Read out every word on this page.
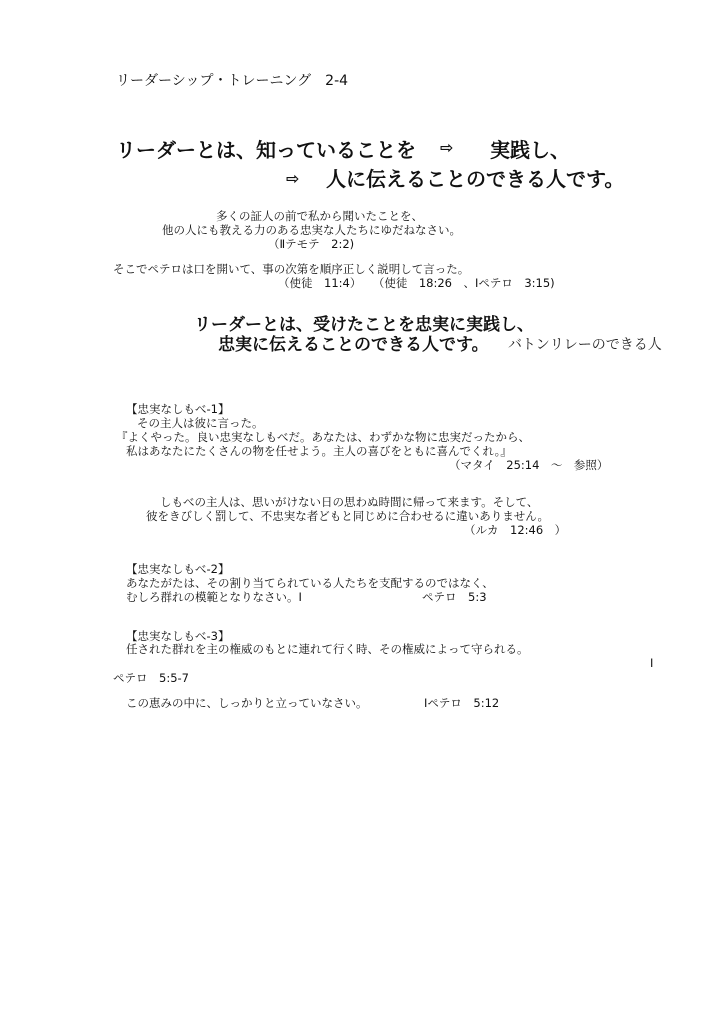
リーダーシップ・トレーニング　2-4
リーダーとは、知っていることを ⇨ 実践し、
⇨ 人に伝えることのできる人です。
多くの証人の前で私から聞いたことを、
他の人にも教える力のある忠実な人たちにゆだねなさい。
（Ⅱテモテ　2:2)
そこでペテロは口を開いて、事の次第を順序正しく説明して言った。
（使徒　11:4）　　（使徒　18:26　、Ⅰペテロ　3:15)
リーダーとは、受けたことを忠実に実践し、
忠実に伝えることのできる人です。 バトンリレーのできる人
【忠実なしもべ-1】
その主人は彼に言った。
『よくやった。良い忠実なしもべだ。あなたは、わずかな物に忠実だったから、
私はあなたにたくさんの物を任せよう。主人の喜びをともに喜んでくれ。』
（マタイ　25:14　～　参照）
しもべの主人は、思いがけない日の思わぬ時間に帰って来ます。そして、
彼をきびしく罰して、不忠実な者どもと同じめに合わせるに違いありません。
（ルカ　12:46　）
【忠実なしもべ-2】
あなたがたは、その割り当てられている人たちを支配するのではなく、
むしろ群れの模範となりなさい。Ⅰ	ペテロ　5:3
【忠実なしもべ-3】
任された群れを主の権威のもとに連れて行く時、その権威によって守られる。
Ⅰ
ペテロ　5:5-7
この恵みの中に、しっかりと立っていなさい。	Ⅰペテロ　5:12
